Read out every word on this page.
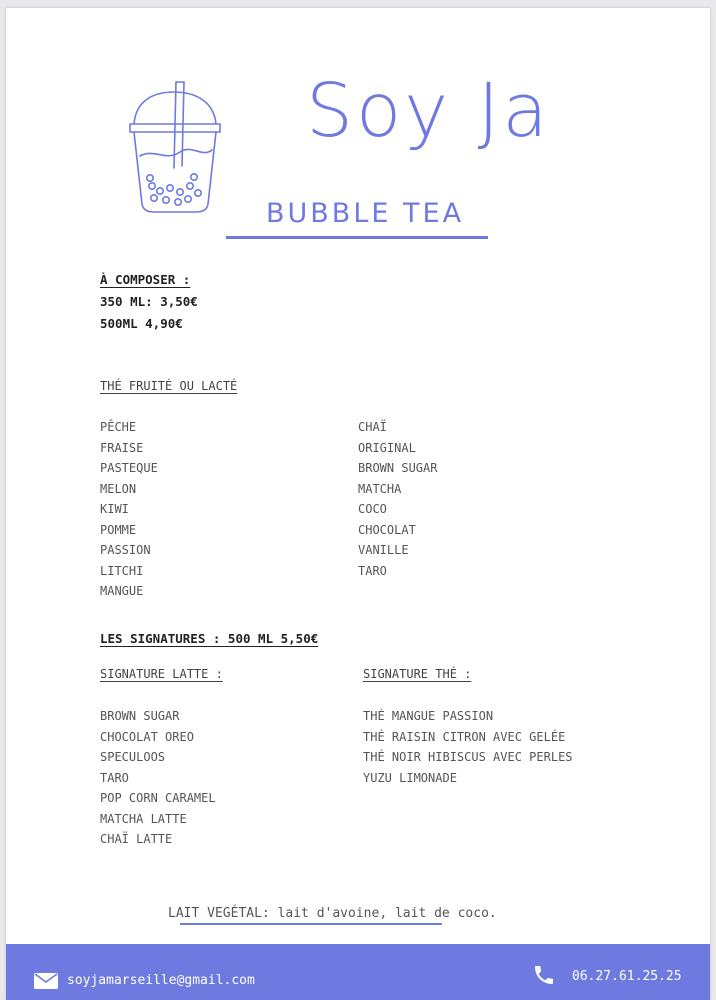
Soy Ja
BUBBLE TEA
À COMPOSER :
350 ML: 3,50€
500ML 4,90€
THÉ FRUITÉ OU LACTÉ
PÊCHE
FRAISE
PASTEQUE
MELON
KIWI
POMME
PASSION
LITCHI
MANGUE
CHAÏ
ORIGINAL
BROWN SUGAR
MATCHA
COCO
CHOCOLAT
VANILLE
TARO
LES SIGNATURES : 500 ML 5,50€
SIGNATURE LATTE :	SIGNATURE THÉ :
BROWN SUGAR
CHOCOLAT OREO
SPECULOOS
TARO
POP CORN CARAMEL
MATCHA LATTE
CHAÏ LATTE
THÉ MANGUE PASSION
THÉ RAISIN CITRON AVEC GELÉE
THÉ NOIR HIBISCUS AVEC PERLES
YUZU LIMONADE
LAIT VEGÉTAL: lait d'avoine, lait de coco.
soyjamarseille@gmail.com	06.27.61.25.25
